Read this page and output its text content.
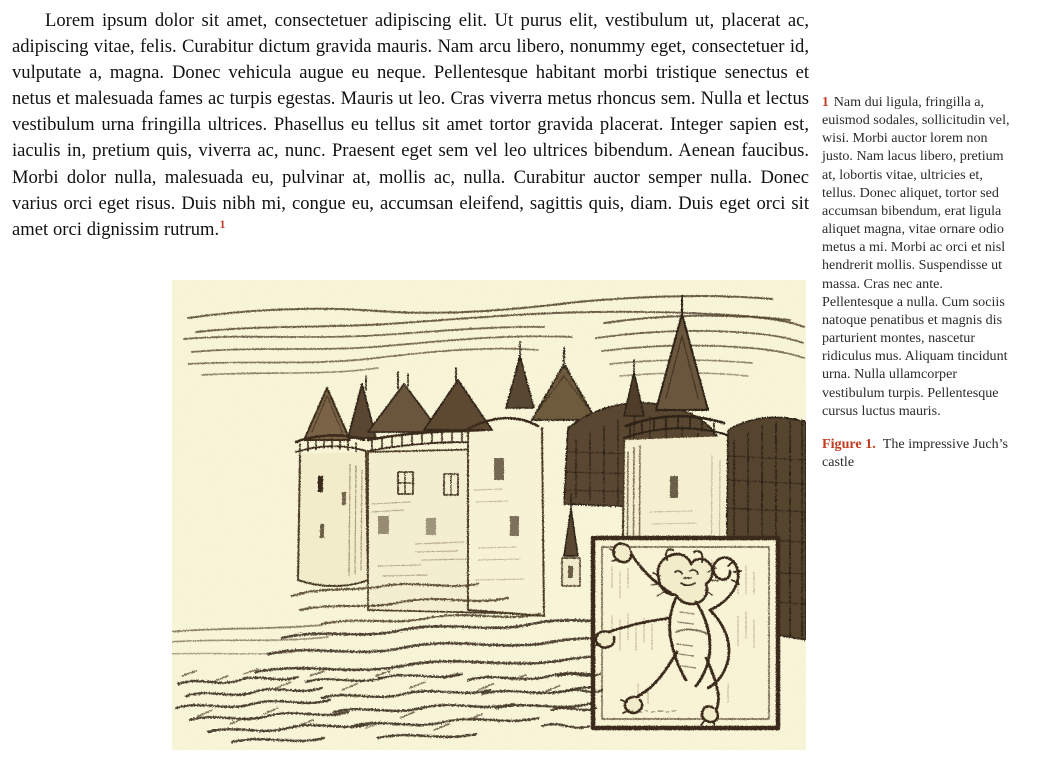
Lorem ipsum dolor sit amet, consectetuer adipiscing elit. Ut purus elit, vestibulum ut, placerat ac, adipiscing vitae, felis. Curabitur dictum gravida mauris. Nam arcu libero, nonummy eget, consectetuer id, vulputate a, magna. Donec vehicula augue eu neque. Pellentesque habitant morbi tristique senectus et netus et malesuada fames ac turpis egestas. Mauris ut leo. Cras viverra metus rhoncus sem. Nulla et lectus vestibulum urna fringilla ultrices. Phasellus eu tellus sit amet tortor gravida placerat. Integer sapien est, iaculis in, pretium quis, viverra ac, nunc. Praesent eget sem vel leo ultrices bibendum. Aenean faucibus. Morbi dolor nulla, malesuada eu, pulvinar at, mollis ac, nulla. Curabitur auctor semper nulla. Donec varius orci eget risus. Duis nibh mi, congue eu, accumsan eleifend, sagittis quis, diam. Duis eget orci sit amet orci dignissim rutrum.$^1$

1 Nam dui ligula, fringilla a, euismod sodales, sollicitudin vel, wisi. Morbi auctor lorem non justo. Nam lacus libero, pretium at, lobortis vitae, ultricies et, tellus. Donec aliquet, tortor sed accumsan bibendum, erat ligula aliquet magna, vitae ornare odio metus a mi. Morbi ac orci et nisl hendrerit mollis. Suspendisse ut massa. Cras nec ante. Pellentesque a nulla. Cum sociis natoque penatibus et magnis dis parturient montes, nascetur ridiculus mus. Aliquam tincidunt urna. Nulla ullamcorper vestibulum turpis. Pellentesque cursus luctus mauris.

Figure 1. The impressive Juch’s castle
